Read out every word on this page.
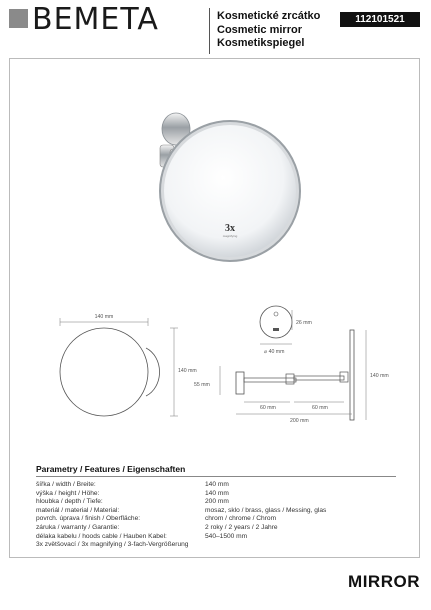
BEMETA	Kosmetické zrcátko
Cosmetic mirror
Kosmetikspiegel
112101521
3x
magnifying
140 mm
140 mm
26 mm
⌀ 40 mm
55 mm
140 mm
60 mm	60 mm
200 mm
Parametry / Features / Eigenschaften
šířka / width / Breite:	140 mm
výška / height / Höhe:	140 mm
hloubka / depth / Tiefe:	200 mm
materiál / material / Material:	mosaz, sklo / brass, glass / Messing, glas
povrch. úprava / finish / Oberfläche:	chrom / chrome / Chrom
záruka / warranty / Garantie:	2 roky / 2 years / 2 Jahre
délaka kabelu / hoods cable / Hauben Kabel:	540–1500 mm
3x zvětšovací / 3x magnifying / 3-fach-Vergrößerung
MIRROR
